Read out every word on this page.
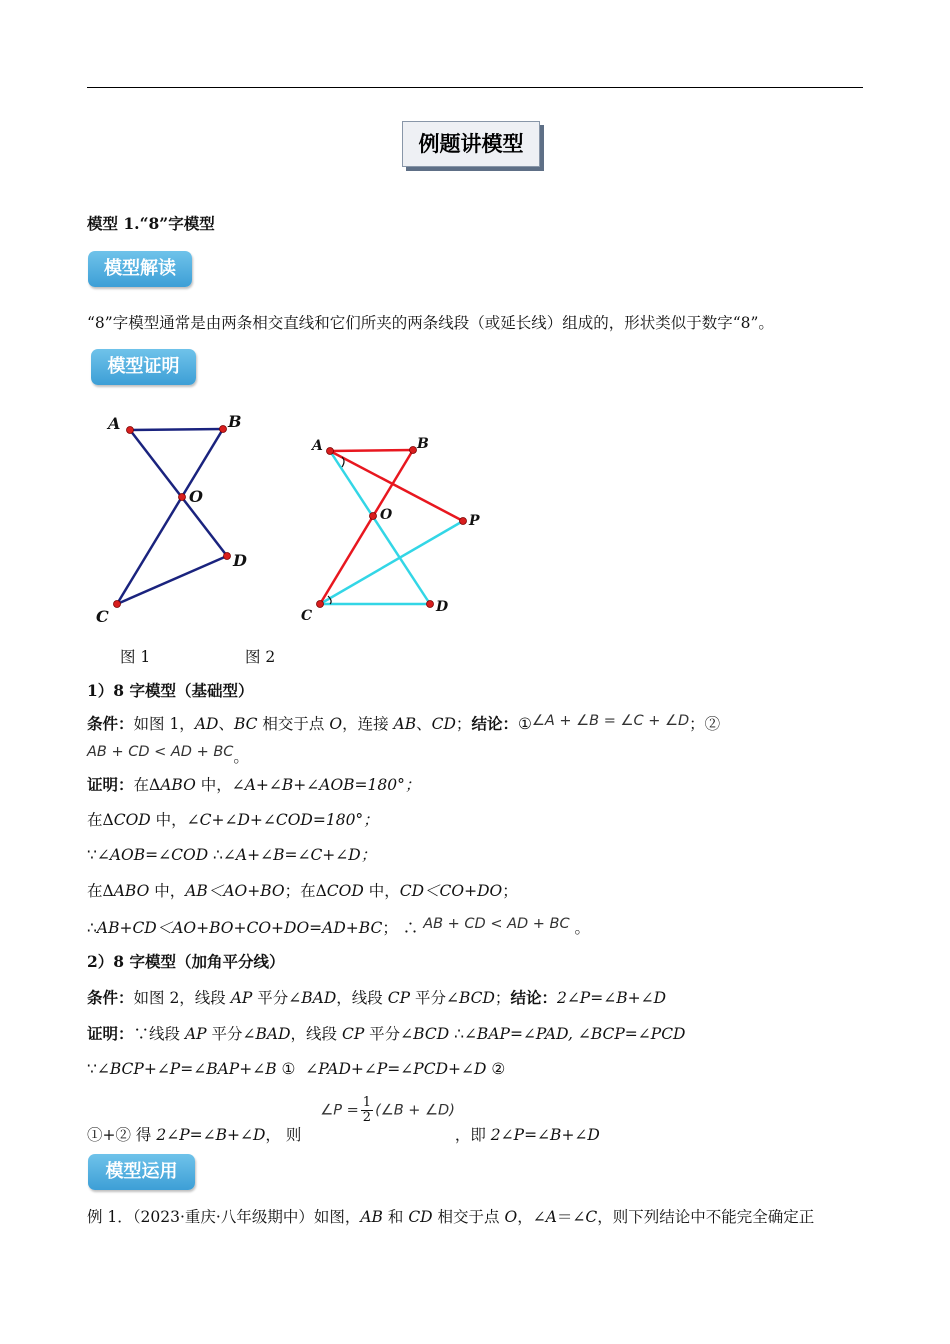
例题讲模型
模型 1.“8”字模型
模型解读
“8”字模型通常是由两条相交直线和它们所夹的两条线段（或延长线）组成的，形状类似于数字“8”。
模型证明
A	B
O
D
C
A	B
O	P
D
C
图 1	图 2
1）8 字模型（基础型）
条件：如图 1，AD、BC 相交于点 O，连接 AB、CD；结论：①∠A + ∠B = ∠C + ∠D；②
AB + CD < AD + BC。
证明：在ΔABO 中，∠A+∠B+∠AOB=180°；
在ΔCOD 中，∠C+∠D+∠COD=180°；
∵∠AOB=∠COD ∴∠A+∠B=∠C+∠D；
在ΔABO 中，AB＜AO+BO；在ΔCOD 中，CD＜CO+DO；
∴AB+CD＜AO+BO+CO+DO=AD+BC； ∴ AB + CD < AD + BC 。
2）8 字模型（加角平分线）
条件：如图 2，线段 AP 平分∠BAD，线段 CP 平分∠BCD；结论：2∠P=∠B+∠D
证明：∵线段 AP 平分∠BAD，线段 CP 平分∠BCD ∴∠BAP=∠PAD, ∠BCP=∠PCD
∵∠BCP+∠P=∠BAP+∠B ①  ∠PAD+∠P=∠PCD+∠D ②
①+② 得 2∠P=∠B+∠D， 则 ∠P = $\frac{1}{2}$ (∠B + ∠D)，即 2∠P=∠B+∠D
模型运用
例 1．（2023·重庆·八年级期中）如图，AB 和 CD 相交于点 O，∠A＝∠C，则下列结论中不能完全确定正
